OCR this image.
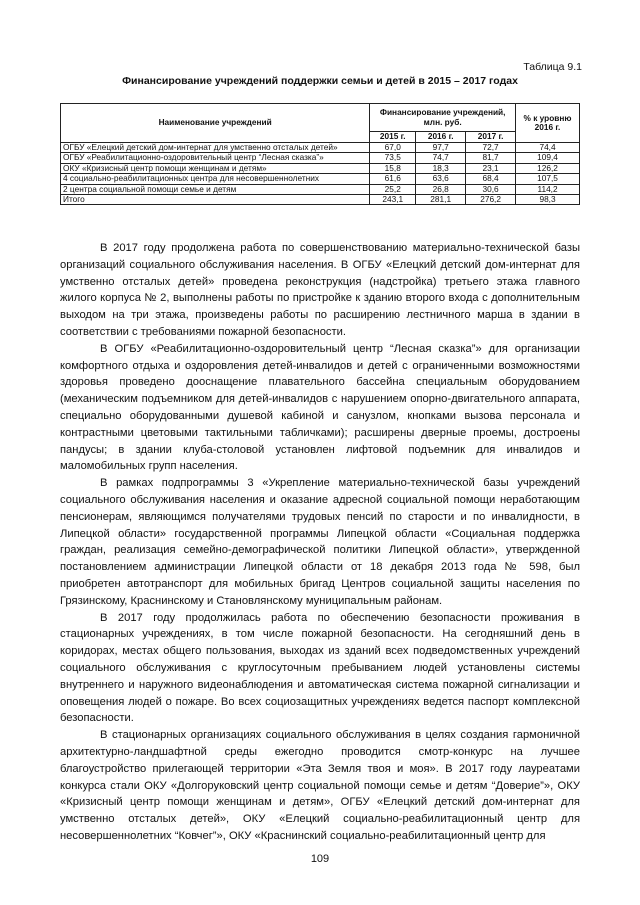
Таблица 9.1
Финансирование учреждений поддержки семьи и детей в 2015 – 2017 годах
Наименование учреждений	Финансирование учреждений, млн. руб.			% к уровню 2016 г.
	2015 г.	2016 г.	2017 г.	
ОГБУ «Елецкий детский дом-интернат для умственно отсталых детей»	67,0	97,7	72,7	74,4
ОГБУ «Реабилитационно-оздоровительный центр “Лесная сказка”»	73,5	74,7	81,7	109,4
ОКУ «Кризисный центр помощи женщинам и детям»	15,8	18,3	23,1	126,2
4 социально-реабилитационных центра для несовершеннолетних	61,6	63,6	68,4	107,5
2 центра социальной помощи семье и детям	25,2	26,8	30,6	114,2
Итого	243,1	281,1	276,2	98,3

В 2017 году продолжена работа по совершенствованию материально-технической базы организаций социального обслуживания населения. В ОГБУ «Елецкий детский дом-интернат для умственно отсталых детей» проведена реконструкция (надстройка) третьего этажа главного жилого корпуса № 2, выполнены работы по пристройке к зданию второго входа с дополнительным выходом на три этажа, произведены работы по расширению лестничного марша в здании в соответствии с требованиями пожарной безопасности.

В ОГБУ «Реабилитационно-оздоровительный центр “Лесная сказка”» для организации комфортного отдыха и оздоровления детей-инвалидов и детей с ограниченными возможностями здоровья проведено дооснащение плавательного бассейна специальным оборудованием (механическим подъемником для детей-инвалидов с нарушением опорно-двигательного аппарата, специально оборудованными душевой кабиной и санузлом, кнопками вызова персонала и контрастными цветовыми тактильными табличками); расширены дверные проемы, достроены пандусы; в здании клуба-столовой установлен лифтовой подъемник для инвалидов и маломобильных групп населения.

В рамках подпрограммы 3 «Укрепление материально-технической базы учреждений социального обслуживания населения и оказание адресной социальной помощи неработающим пенсионерам, являющимся получателями трудовых пенсий по старости и по инвалидности, в Липецкой области» государственной программы Липецкой области «Социальная поддержка граждан, реализация семейно-демографической политики Липецкой области», утвержденной постановлением администрации Липецкой области от 18 декабря 2013 года № 598, был приобретен автотранспорт для мобильных бригад Центров социальной защиты населения по Грязинскому, Краснинскому и Становлянскому муниципальным районам.

В 2017 году продолжилась работа по обеспечению безопасности проживания в стационарных учреждениях, в том числе пожарной безопасности. На сегодняшний день в коридорах, местах общего пользования, выходах из зданий всех подведомственных учреждений социального обслуживания с круглосуточным пребыванием людей установлены системы внутреннего и наружного видеонаблюдения и автоматическая система пожарной сигнализации и оповещения людей о пожаре. Во всех социозащитных учреждениях ведется паспорт комплексной безопасности.

В стационарных организациях социального обслуживания в целях создания гармоничной архитектурно-ландшафтной среды ежегодно проводится смотр-конкурс на лучшее благоустройство прилегающей территории «Эта Земля твоя и моя». В 2017 году лауреатами конкурса стали ОКУ «Долгоруковский центр социальной помощи семье и детям “Доверие”», ОКУ «Кризисный центр помощи женщинам и детям», ОГБУ «Елецкий детский дом-интернат для умственно отсталых детей», ОКУ «Елецкий социально-реабилитационный центр для несовершеннолетних “Ковчег”», ОКУ «Краснинский социально-реабилитационный центр для

109
